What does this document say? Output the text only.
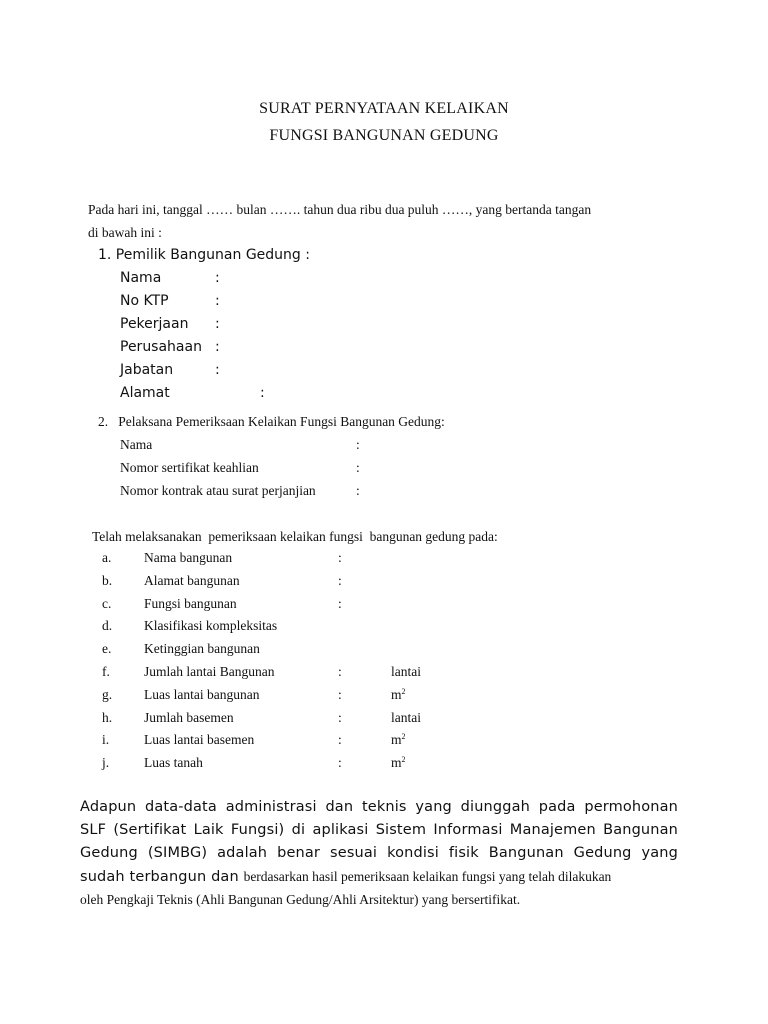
SURAT PERNYATAAN KELAIKAN
FUNGSI BANGUNAN GEDUNG
Pada hari ini, tanggal …… bulan ……. tahun dua ribu dua puluh ……, yang bertanda tangan
di bawah ini :
1. Pemilik Bangunan Gedung :
Nama	:
No KTP	:
Pekerjaan :
Perusahaan :
Jabatan	:
Alamat	:
2.   Pelaksana Pemeriksaan Kelaikan Fungsi Bangunan Gedung:
Nama	:
Nomor sertifikat keahlian	:
Nomor kontrak atau surat perjanjian	:
Telah melaksanakan  pemeriksaan kelaikan fungsi  bangunan gedung pada:
a. Nama bangunan	:
b. Alamat bangunan	:
c. Fungsi bangunan	:
d. Klasifikasi kompleksitas
e. Ketinggian bangunan
f.	Jumlah lantai Bangunan	:	lantai
g. Luas lantai bangunan	:	$m^2$
h. Jumlah basemen	:	lantai
i.	Luas lantai basemen	:	$m^2$
j.	Luas tanah	:	$m^2$
Adapun data-data administrasi dan teknis yang diunggah pada permohonan
SLF (Sertifikat Laik Fungsi) di aplikasi Sistem Informasi Manajemen Bangunan
Gedung (SIMBG) adalah benar sesuai kondisi fisik Bangunan Gedung yang
sudah terbangun dan berdasarkan hasil pemeriksaan kelaikan fungsi yang telah dilakukan
oleh Pengkaji Teknis (Ahli Bangunan Gedung/Ahli Arsitektur) yang bersertifikat.
